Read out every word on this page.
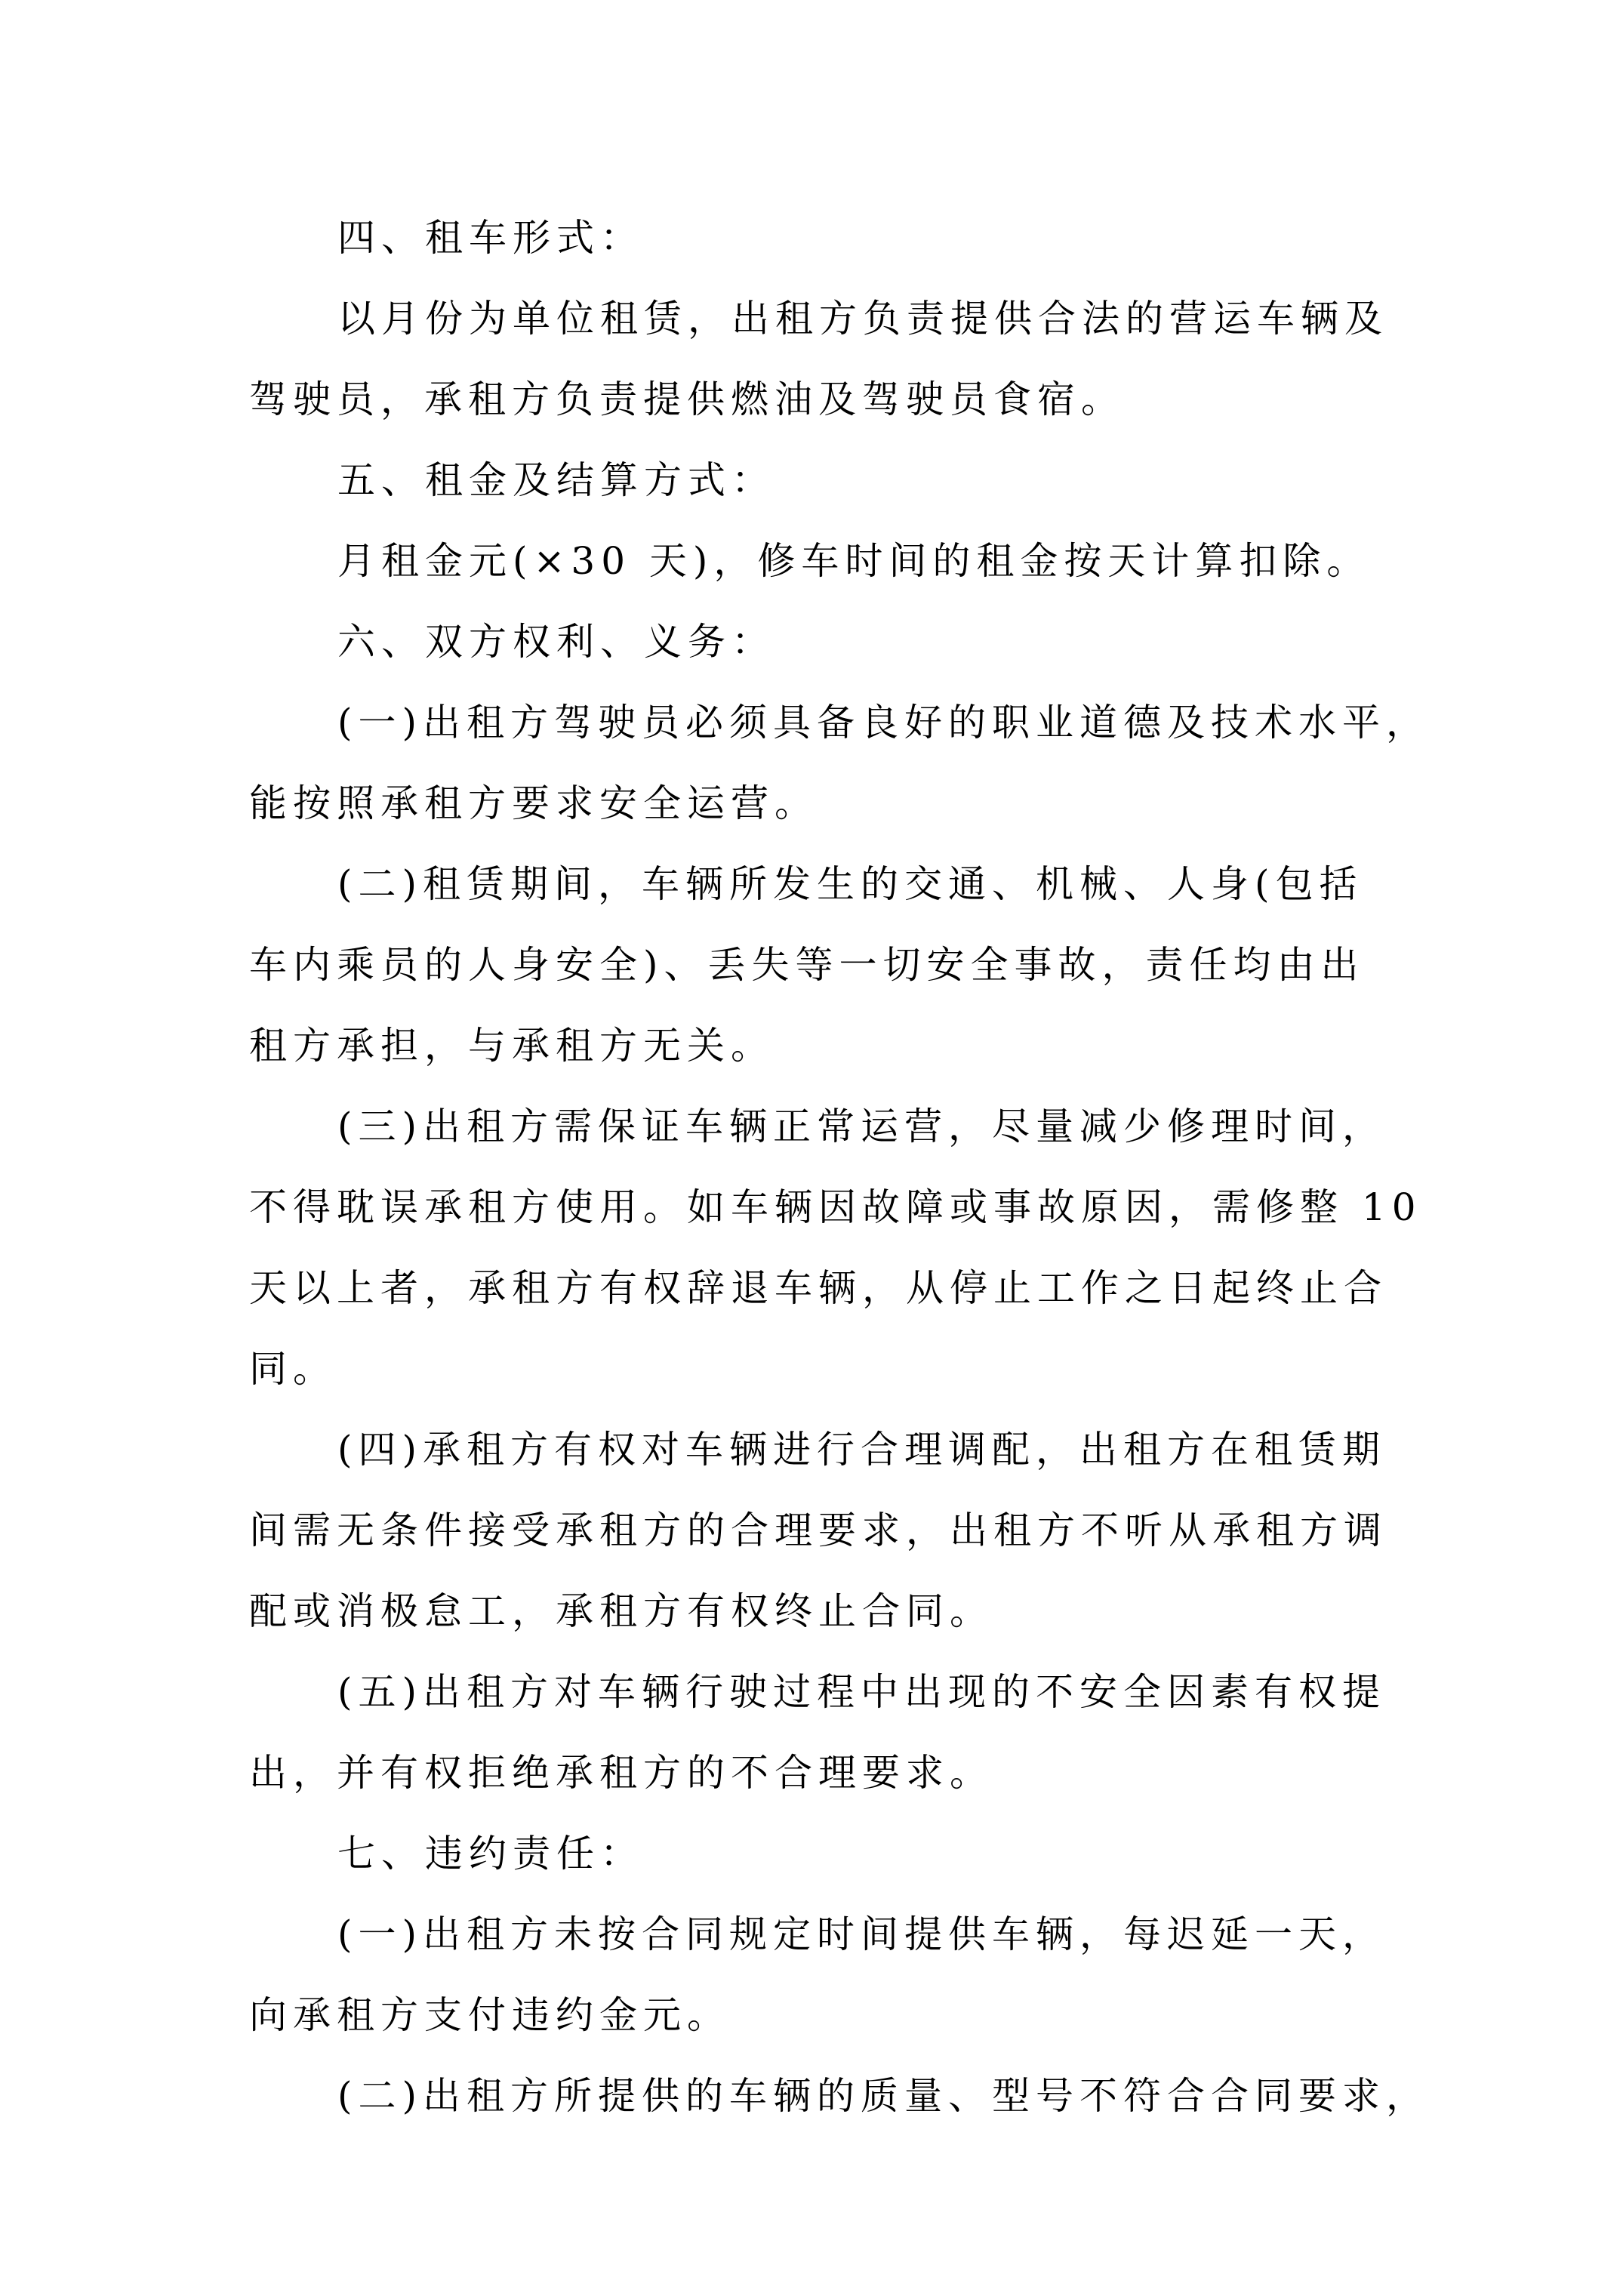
四、租车形式：
以月份为单位租赁，出租方负责提供合法的营运车辆及
驾驶员，承租方负责提供燃油及驾驶员食宿。
五、租金及结算方式：
月租金元(×30 天)，修车时间的租金按天计算扣除。
六、双方权利、义务：
(一)出租方驾驶员必须具备良好的职业道德及技术水平，
能按照承租方要求安全运营。
(二)租赁期间，车辆所发生的交通、机械、人身(包括
车内乘员的人身安全)、丢失等一切安全事故，责任均由出
租方承担，与承租方无关。
(三)出租方需保证车辆正常运营，尽量减少修理时间，
不得耽误承租方使用。如车辆因故障或事故原因，需修整 10
天以上者，承租方有权辞退车辆，从停止工作之日起终止合
同。
(四)承租方有权对车辆进行合理调配，出租方在租赁期
间需无条件接受承租方的合理要求，出租方不听从承租方调
配或消极怠工，承租方有权终止合同。
(五)出租方对车辆行驶过程中出现的不安全因素有权提
出，并有权拒绝承租方的不合理要求。
七、违约责任：
(一)出租方未按合同规定时间提供车辆，每迟延一天，
向承租方支付违约金元。
(二)出租方所提供的车辆的质量、型号不符合合同要求，
